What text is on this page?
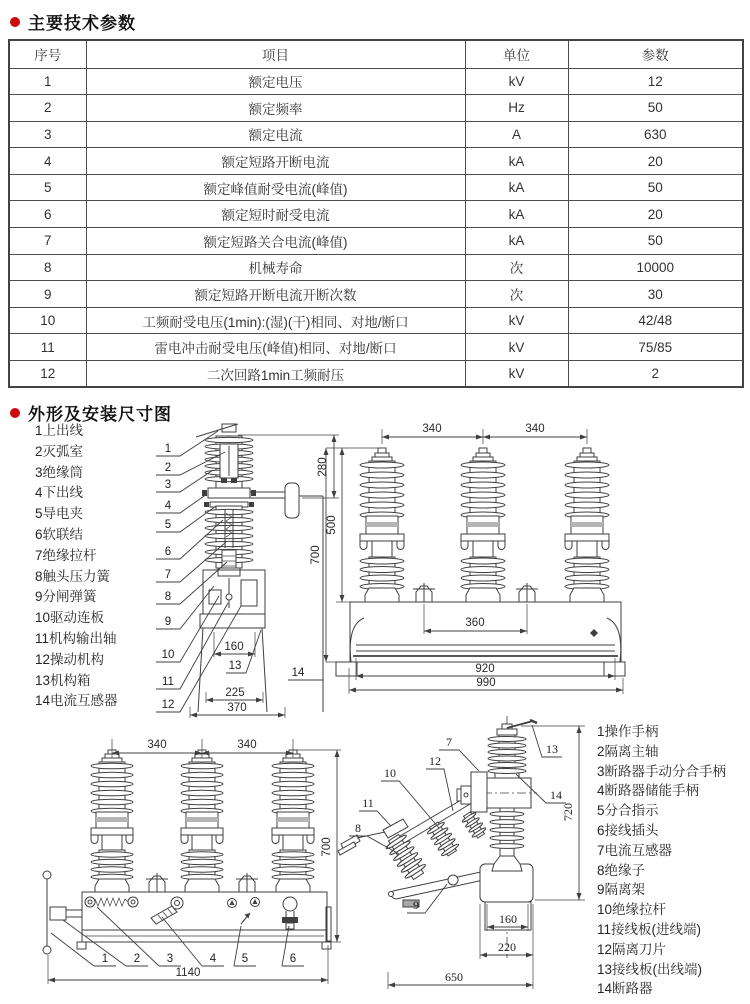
主要技术参数
序号	项目	单位	参数
1	额定电压	kV	12
2	额定频率	Hz	50
3	额定电流	A	630
4	额定短路开断电流	kA	20
5	额定峰值耐受电流(峰值)	kA	50
6	额定短时耐受电流	kA	20
7	额定短路关合电流(峰值)	kA	50
8	机械寿命	次	10000
9	额定短路开断电流开断次数	次	30
10	工频耐受电压(1min):(湿)(干)相同、对地/断口	kV	42/48
11	雷电冲击耐受电压(峰值)相同、对地/断口	kV	75/85
12	二次回路1min工频耐压	kV	2
外形及安装尺寸图
1上出线
2灭弧室
3绝缘筒
4下出线
5导电夹
6软联结
7绝缘拉杆
8触头压力簧
9分闸弹簧
10驱动连板
11机构输出轴
12操动机构
13机构箱
14电流互感器
1
2
3
4
5
6
7
8
9
10
11
12
280
160
13
225
370
14
340	340
500
700
360
920
990
1 2 3	4 5	6
340	340
700
1140
7	13
14
12
10
11
8
9
720
160
220
650
1操作手柄
2隔离主轴
3断路器手动分合手柄
4断路器储能手柄
5分合指示
6接线插头
7电流互感器
8绝缘子
9隔离架
10绝缘拉杆
11接线板(进线端)
12隔离刀片
13接线板(出线端)
14断路器
